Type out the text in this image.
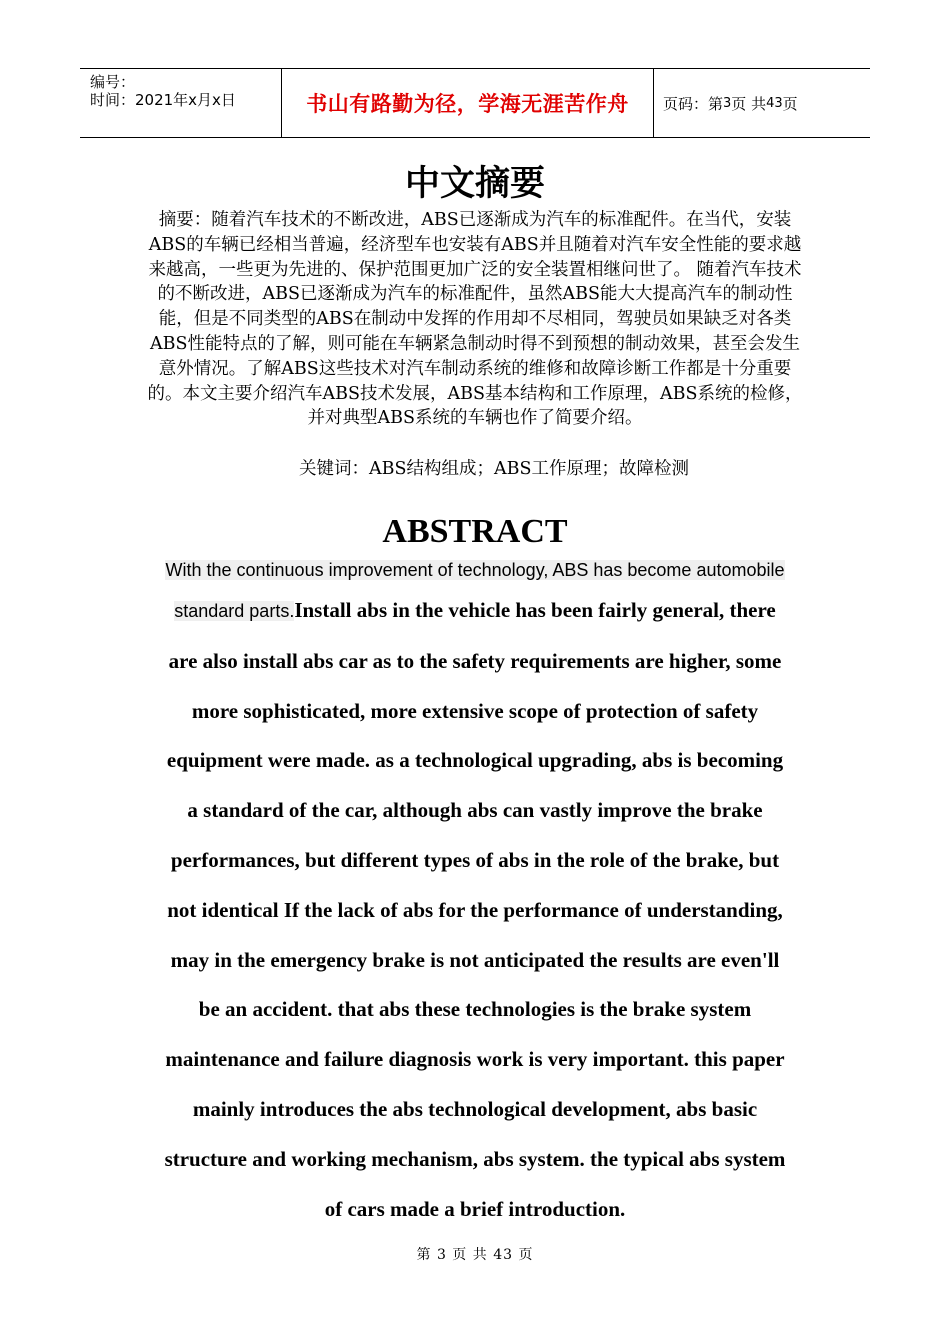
编号：
时间：2021年x月x日	书山有路勤为径，学海无涯苦作舟	页码：第 3 页 共 43 页
中文摘要
摘要：随着汽车技术的不断改进，ABS已逐渐成为汽车的标准配件。在当代，安装ABS的车辆已经相当普遍，经济型车也安装有ABS并且随着对汽车安全性能的要求越来越高，一些更为先进的、保护范围更加广泛的安全装置相继问世了。 随着汽车技术的不断改进，ABS已逐渐成为汽车的标准配件，虽然ABS能大大提高汽车的制动性能，但是不同类型的ABS在制动中发挥的作用却不尽相同，驾驶员如果缺乏对各类ABS性能特点的了解，则可能在车辆紧急制动时得不到预想的制动效果，甚至会发生意外情况。了解ABS这些技术对汽车制动系统的维修和故障诊断工作都是十分重要的。本文主要介绍汽车ABS技术发展，ABS基本结构和工作原理，ABS系统的检修，并对典型ABS系统的车辆也作了简要介绍。
关键词：ABS结构组成；ABS工作原理；故障检测
ABSTRACT
With the continuous improvement of technology, ABS has become automobile
standard parts.Install abs in the vehicle has been fairly general, there
are also install abs car as to the safety requirements are higher, some
more sophisticated, more extensive scope of protection of safety
equipment were made. as a technological upgrading, abs is becoming
a standard of the car, although abs can vastly improve the brake
performances, but different types of abs in the role of the brake, but
not identical If the lack of abs for the performance of understanding,
may in the emergency brake is not anticipated the results are even'll
be an accident. that abs these technologies is the brake system
maintenance and failure diagnosis work is very important. this paper
mainly introduces the abs technological development, abs basic
structure and working mechanism, abs system. the typical abs system
of cars made a brief introduction.
第 3 页 共 43 页
